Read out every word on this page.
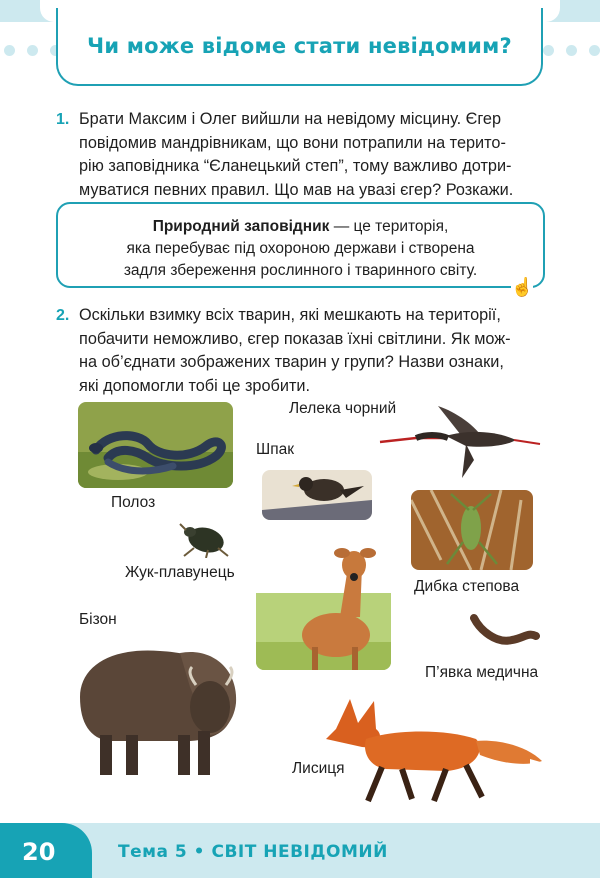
Чи може відоме стати невідомим?
1. Брати Максим і Олег вийшли на невідому місцину. Єгер
повідомив мандрівникам, що вони потрапили на терито-
рію заповідника “Єланецький степ”, тому важливо дотри-
муватися певних правил. Що мав на увазі єгер? Розкажи.
Природний заповідник — це територія,
яка перебуває під охороною держави і створена
задля збереження рослинного і тваринного світу.
☝
2. Оскільки взимку всіх тварин, які мешкають на території,
побачити неможливо, єгер показав їхні світлини. Як мож-
на об’єднати зображених тварин у групи? Назви ознаки,
які допомогли тобі це зробити.
Полоз
Лелека чорний
Шпак
Дибка степова
Жук-плавунець
Бізон
П’явка медична
Лисиця
20	Тема 5 • СВІТ НЕВІДОМИЙ
